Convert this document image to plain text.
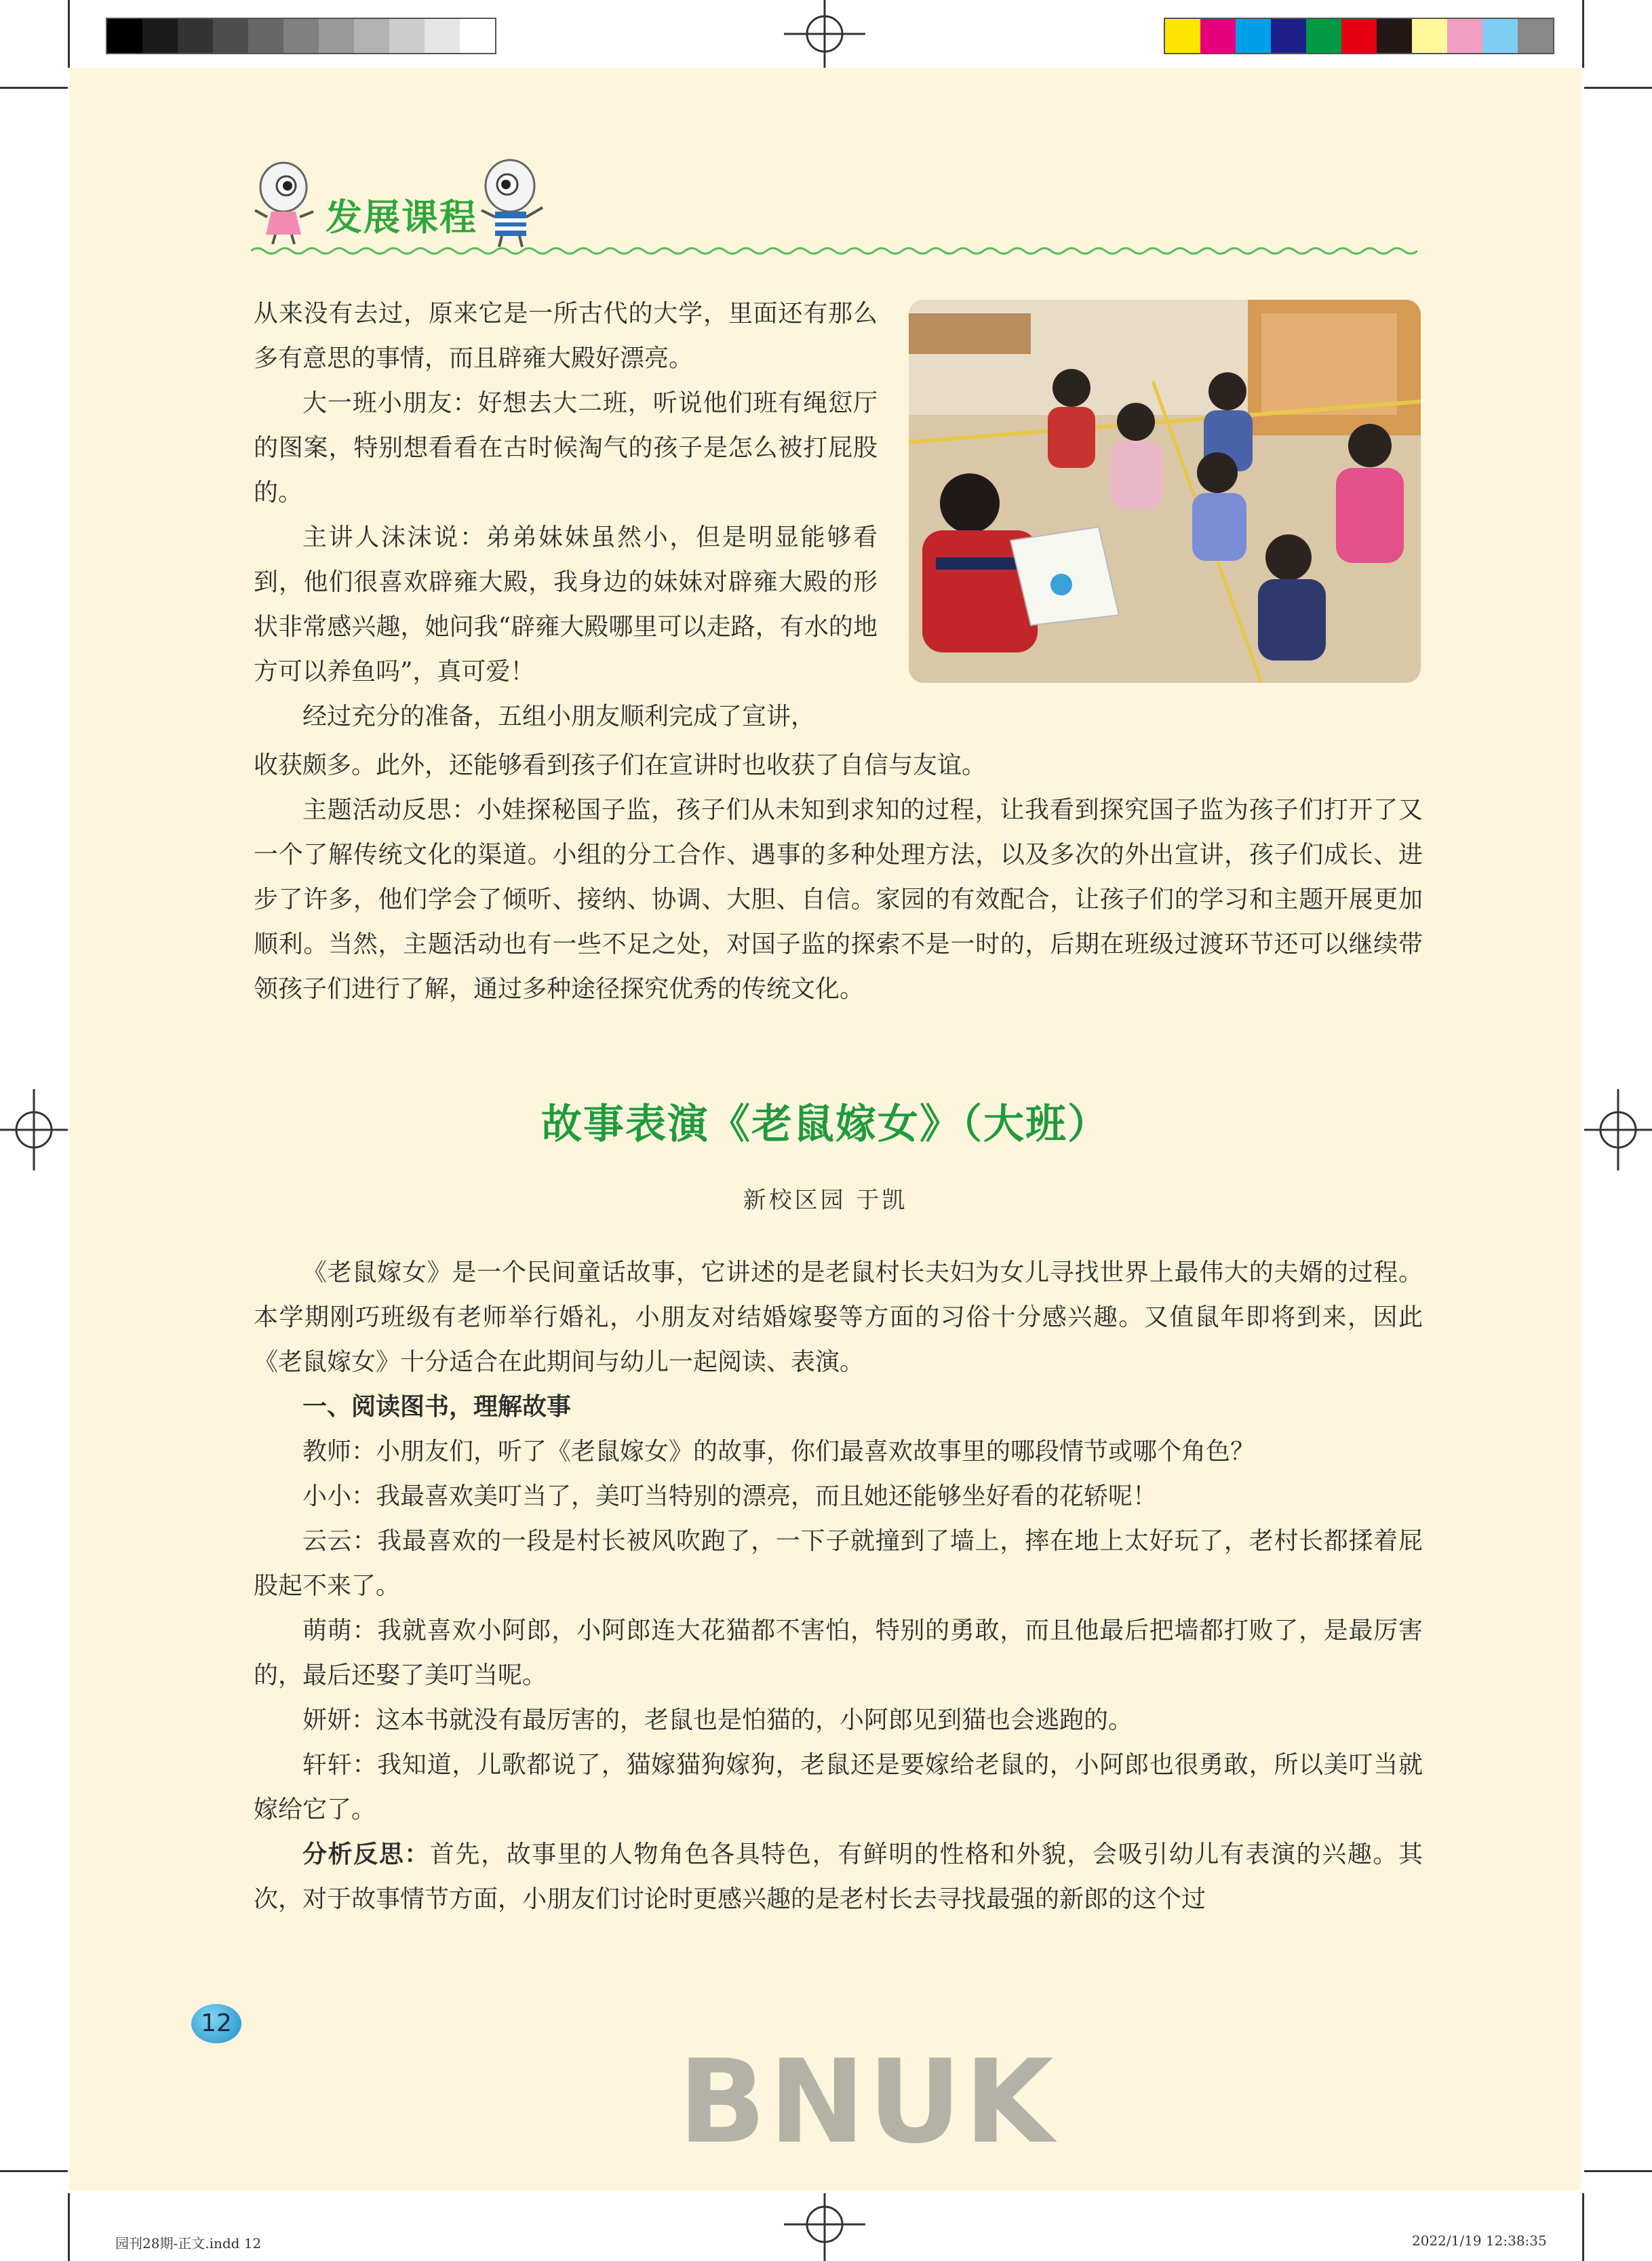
发展课程

从来没有去过，原来它是一所古代的大学，里面还有那么多有意思的事情，而且辟雍大殿好漂亮。

大一班小朋友：好想去大二班，听说他们班有绳愆厅的图案，特别想看看在古时候淘气的孩子是怎么被打屁股的。

主讲人沫沫说：弟弟妹妹虽然小，但是明显能够看到，他们很喜欢辟雍大殿，我身边的妹妹对辟雍大殿的形状非常感兴趣，她问我“辟雍大殿哪里可以走路，有水的地方可以养鱼吗”，真可爱！

经过充分的准备，五组小朋友顺利完成了宣讲，

收获颇多。此外，还能够看到孩子们在宣讲时也收获了自信与友谊。

主题活动反思：小娃探秘国子监，孩子们从未知到求知的过程，让我看到探究国子监为孩子们打开了又一个了解传统文化的渠道。小组的分工合作、遇事的多种处理方法，以及多次的外出宣讲，孩子们成长、进步了许多，他们学会了倾听、接纳、协调、大胆、自信。家园的有效配合，让孩子们的学习和主题开展更加顺利。当然，主题活动也有一些不足之处，对国子监的探索不是一时的，后期在班级过渡环节还可以继续带领孩子们进行了解，通过多种途径探究优秀的传统文化。

故事表演《老鼠嫁女》（大班）
新校区园 于凯

《老鼠嫁女》是一个民间童话故事，它讲述的是老鼠村长夫妇为女儿寻找世界上最伟大的夫婿的过程。本学期刚巧班级有老师举行婚礼，小朋友对结婚嫁娶等方面的习俗十分感兴趣。又值鼠年即将到来，因此《老鼠嫁女》十分适合在此期间与幼儿一起阅读、表演。

一、阅读图书，理解故事

教师：小朋友们，听了《老鼠嫁女》的故事，你们最喜欢故事里的哪段情节或哪个角色？

小小：我最喜欢美叮当了，美叮当特别的漂亮，而且她还能够坐好看的花轿呢！

云云：我最喜欢的一段是村长被风吹跑了，一下子就撞到了墙上，摔在地上太好玩了，老村长都揉着屁股起不来了。

萌萌：我就喜欢小阿郎，小阿郎连大花猫都不害怕，特别的勇敢，而且他最后把墙都打败了，是最厉害的，最后还娶了美叮当呢。

妍妍：这本书就没有最厉害的，老鼠也是怕猫的，小阿郎见到猫也会逃跑的。

轩轩：我知道，儿歌都说了，猫嫁猫狗嫁狗，老鼠还是要嫁给老鼠的，小阿郎也很勇敢，所以美叮当就嫁给它了。

分析反思：首先，故事里的人物角色各具特色，有鲜明的性格和外貌，会吸引幼儿有表演的兴趣。其次，对于故事情节方面，小朋友们讨论时更感兴趣的是老村长去寻找最强的新郎的这个过

12
BNUK
园刊28期-正文.indd 12	2022/1/19 12:38:35
